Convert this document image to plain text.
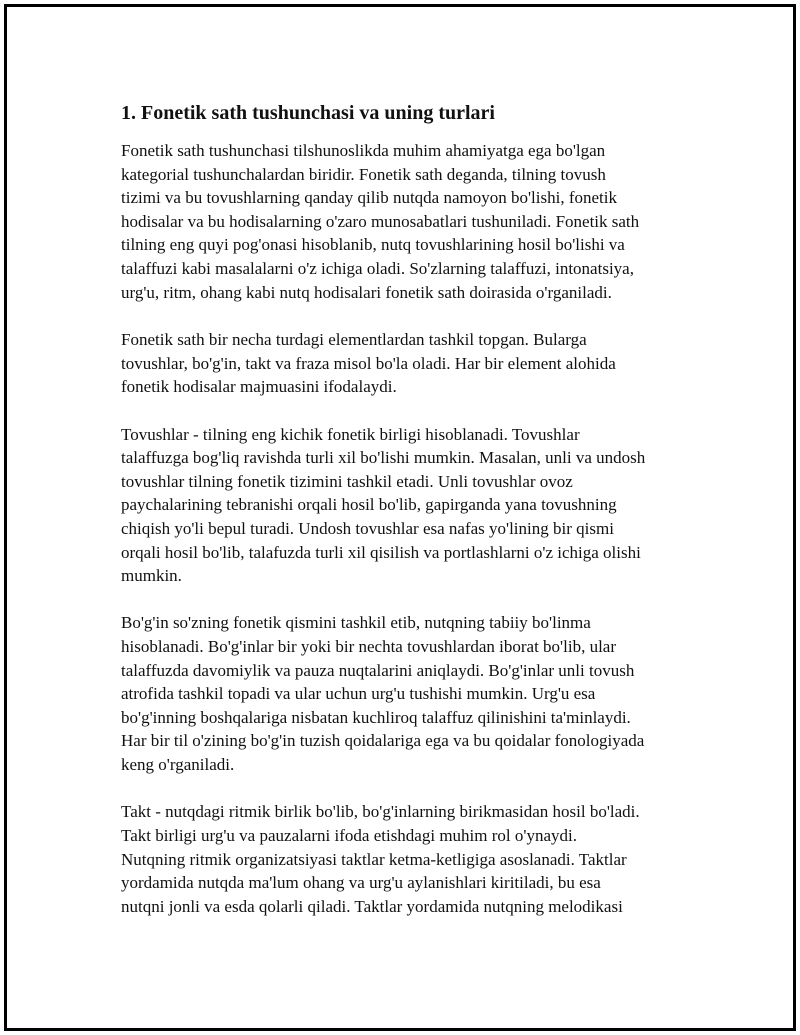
1. Fonetik sath tushunchasi va uning turlari

Fonetik sath tushunchasi tilshunoslikda muhim ahamiyatga ega bo'lgan
kategorial tushunchalardan biridir. Fonetik sath deganda, tilning tovush
tizimi va bu tovushlarning qanday qilib nutqda namoyon bo'lishi, fonetik
hodisalar va bu hodisalarning o'zaro munosabatlari tushuniladi. Fonetik sath
tilning eng quyi pog'onasi hisoblanib, nutq tovushlarining hosil bo'lishi va
talaffuzi kabi masalalarni o'z ichiga oladi. So'zlarning talaffuzi, intonatsiya,
urg'u, ritm, ohang kabi nutq hodisalari fonetik sath doirasida o'rganiladi.

Fonetik sath bir necha turdagi elementlardan tashkil topgan. Bularga
tovushlar, bo'g'in, takt va fraza misol bo'la oladi. Har bir element alohida
fonetik hodisalar majmuasini ifodalaydi.

Tovushlar - tilning eng kichik fonetik birligi hisoblanadi. Tovushlar
talaffuzga bog'liq ravishda turli xil bo'lishi mumkin. Masalan, unli va undosh
tovushlar tilning fonetik tizimini tashkil etadi. Unli tovushlar ovoz
paychalarining tebranishi orqali hosil bo'lib, gapirganda yana tovushning
chiqish yo'li bepul turadi. Undosh tovushlar esa nafas yo'lining bir qismi
orqali hosil bo'lib, talafuzda turli xil qisilish va portlashlarni o'z ichiga olishi
mumkin.

Bo'g'in so'zning fonetik qismini tashkil etib, nutqning tabiiy bo'linma
hisoblanadi. Bo'g'inlar bir yoki bir nechta tovushlardan iborat bo'lib, ular
talaffuzda davomiylik va pauza nuqtalarini aniqlaydi. Bo'g'inlar unli tovush
atrofida tashkil topadi va ular uchun urg'u tushishi mumkin. Urg'u esa
bo'g'inning boshqalariga nisbatan kuchliroq talaffuz qilinishini ta'minlaydi.
Har bir til o'zining bo'g'in tuzish qoidalariga ega va bu qoidalar fonologiyada
keng o'rganiladi.

Takt - nutqdagi ritmik birlik bo'lib, bo'g'inlarning birikmasidan hosil bo'ladi.
Takt birligi urg'u va pauzalarni ifoda etishdagi muhim rol o'ynaydi.
Nutqning ritmik organizatsiyasi taktlar ketma-ketligiga asoslanadi. Taktlar
yordamida nutqda ma'lum ohang va urg'u aylanishlari kiritiladi, bu esa
nutqni jonli va esda qolarli qiladi. Taktlar yordamida nutqning melodikasi
